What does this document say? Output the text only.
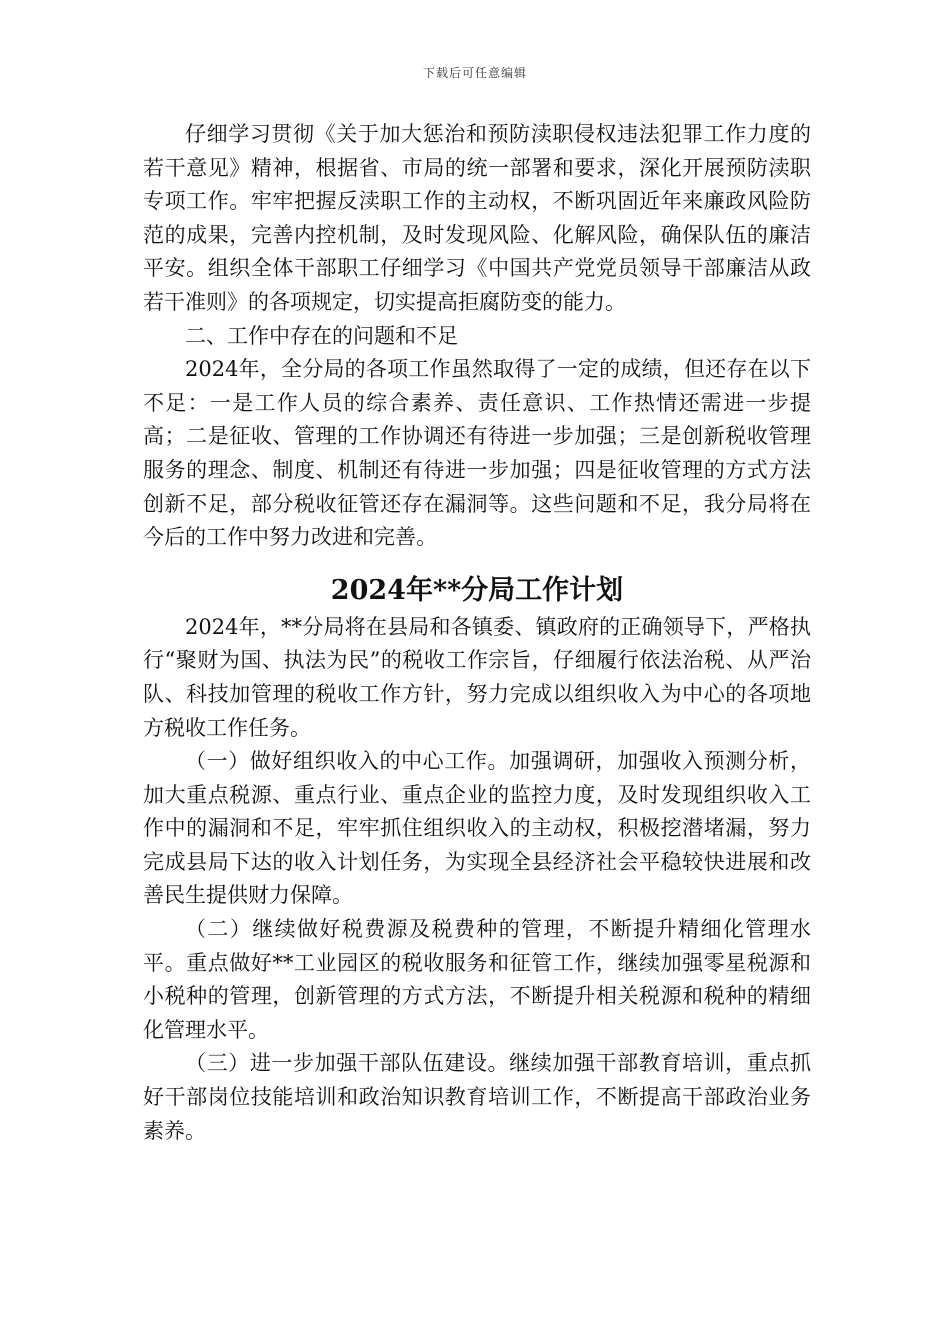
下载后可任意编辑

仔细学习贯彻《关于加大惩治和预防渎职侵权违法犯罪工作力度的若干意见》精神，根据省、市局的统一部署和要求，深化开展预防渎职专项工作。牢牢把握反渎职工作的主动权，不断巩固近年来廉政风险防范的成果，完善内控机制，及时发现风险、化解风险，确保队伍的廉洁平安。组织全体干部职工仔细学习《中国共产党党员领导干部廉洁从政若干准则》的各项规定，切实提高拒腐防变的能力。

二、工作中存在的问题和不足

2024年，全分局的各项工作虽然取得了一定的成绩，但还存在以下不足：一是工作人员的综合素养、责任意识、工作热情还需进一步提高；二是征收、管理的工作协调还有待进一步加强；三是创新税收管理服务的理念、制度、机制还有待进一步加强；四是征收管理的方式方法创新不足，部分税收征管还存在漏洞等。这些问题和不足，我分局将在今后的工作中努力改进和完善。

2024年**分局工作计划

2024年，**分局将在县局和各镇委、镇政府的正确领导下，严格执行“聚财为国、执法为民”的税收工作宗旨，仔细履行依法治税、从严治队、科技加管理的税收工作方针，努力完成以组织收入为中心的各项地方税收工作任务。

（一）做好组织收入的中心工作。加强调研，加强收入预测分析，加大重点税源、重点行业、重点企业的监控力度，及时发现组织收入工作中的漏洞和不足，牢牢抓住组织收入的主动权，积极挖潜堵漏，努力完成县局下达的收入计划任务，为实现全县经济社会平稳较快进展和改善民生提供财力保障。

（二）继续做好税费源及税费种的管理，不断提升精细化管理水平。重点做好**工业园区的税收服务和征管工作，继续加强零星税源和小税种的管理，创新管理的方式方法，不断提升相关税源和税种的精细化管理水平。

（三）进一步加强干部队伍建设。继续加强干部教育培训，重点抓好干部岗位技能培训和政治知识教育培训工作，不断提高干部政治业务素养。
